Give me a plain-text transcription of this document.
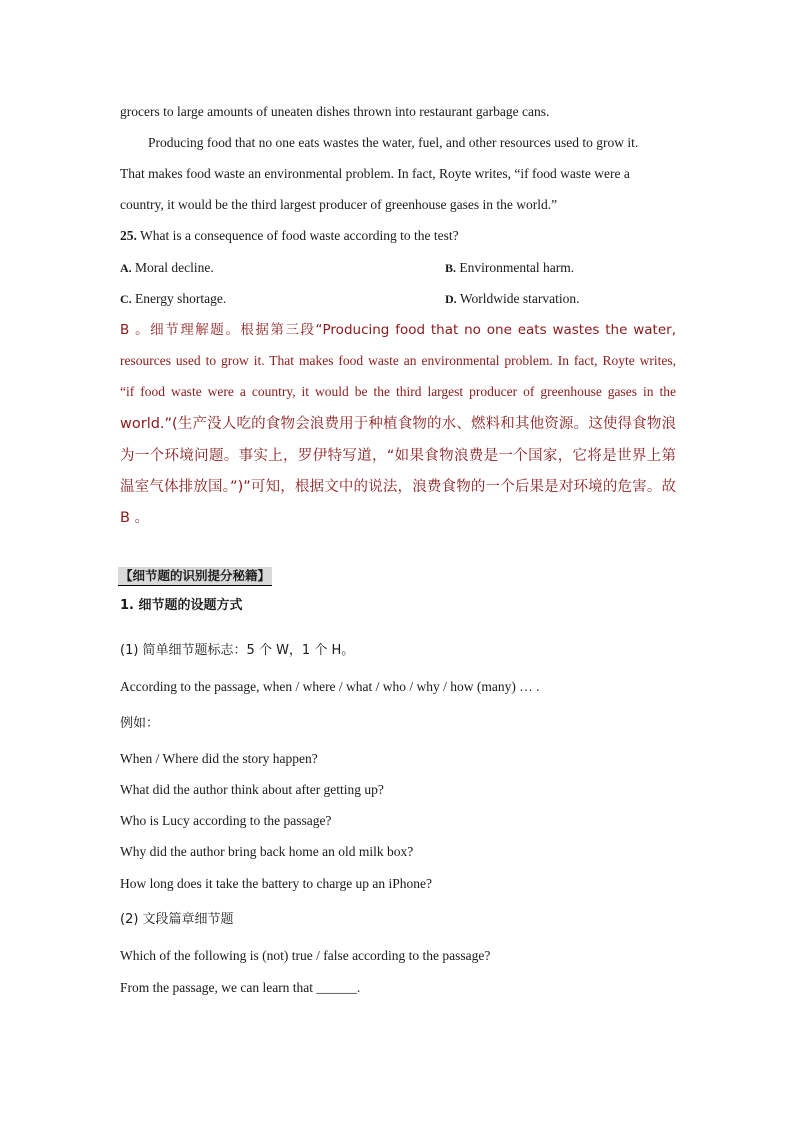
grocers to large amounts of uneaten dishes thrown into restaurant garbage cans.
Producing food that no one eats wastes the water, fuel, and other resources used to grow it.
That makes food waste an environmental problem. In fact, Royte writes, “if food waste were a
country, it would be the third largest producer of greenhouse gases in the world.”
25. What is a consequence of food waste according to the test?
A. Moral decline.	B. Environmental harm.
C. Energy shortage.	D. Worldwide starvation.
B 。细节理解题。根据第三段“Producing food that no one eats wastes the water,
resources used to grow it. That makes food waste an environmental problem. In fact, Royte writes,
“if food waste were a country, it would be the third largest producer of greenhouse gases in the
world.”(生产没人吃的食物会浪费用于种植食物的水、燃料和其他资源。这使得食物浪
为一个环境问题。事实上，罗伊特写道，“如果食物浪费是一个国家，它将是世界上第
温室气体排放国。”)”可知，根据文中的说法，浪费食物的一个后果是对环境的危害。故
B 。
【细节题的识别提分秘籍】
1. 细节题的设题方式
(1) 简单细节题标志：5 个 W，1 个 H。
According to the passage, when / where / what / who / why / how (many) … .
例如：
When / Where did the story happen?
What did the author think about after getting up?
Who is Lucy according to the passage?
Why did the author bring back home an old milk box?
How long does it take the battery to charge up an iPhone?
(2) 文段篇章细节题
Which of the following is (not) true / false according to the passage?
From the passage, we can learn that ______.
